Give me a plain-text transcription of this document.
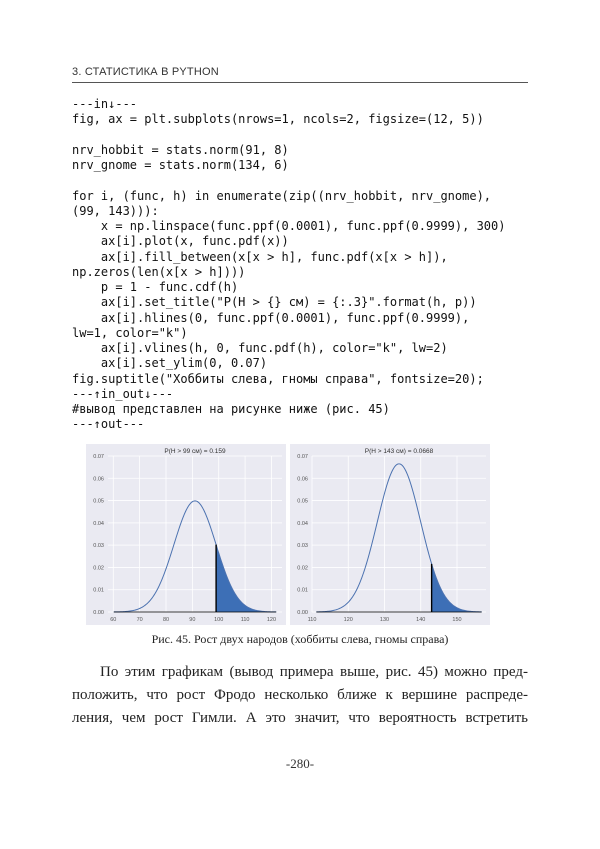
3. СТАТИСТИКА В PYTHON
---in↓---
fig, ax = plt.subplots(nrows=1, ncols=2, figsize=(12, 5))
nrv_hobbit = stats.norm(91, 8)
nrv_gnome = stats.norm(134, 6)
for i, (func, h) in enumerate(zip((nrv_hobbit, nrv_gnome),
(99, 143))):
x = np.linspace(func.ppf(0.0001), func.ppf(0.9999), 300)
ax[i].plot(x, func.pdf(x))
ax[i].fill_between(x[x > h], func.pdf(x[x > h]),
np.zeros(len(x[x > h])))
p = 1 - func.cdf(h)
ax[i].set_title("P(H > {} см) = {:.3}".format(h, p))
ax[i].hlines(0, func.ppf(0.0001), func.ppf(0.9999),
lw=1, color="k")
ax[i].vlines(h, 0, func.pdf(h), color="k", lw=2)
ax[i].set_ylim(0, 0.07)
fig.suptitle("Хоббиты слева, гномы справа", fontsize=20);
---↑in_out↓---
#вывод представлен на рисунке ниже (рис. 45)
---↑out---
0.00
0.01
0.02
0.03
0.04
0.05
0.06
0.07
60	70	80	90	100	110	120
P(H > 99 см) = 0.159
0.00
0.01
0.02
0.03
0.04
0.05
0.06
0.07
110	120	130	140	150
P(H > 143 см) = 0.0668
Рис. 45. Рост двух народов (хоббиты слева, гномы справа)
По этим графикам (вывод примера выше, рис. 45) можно пред-
положить, что рост Фродо несколько ближе к вершине распреде-
ления, чем рост Гимли. А это значит, что вероятность встретить
-280-
